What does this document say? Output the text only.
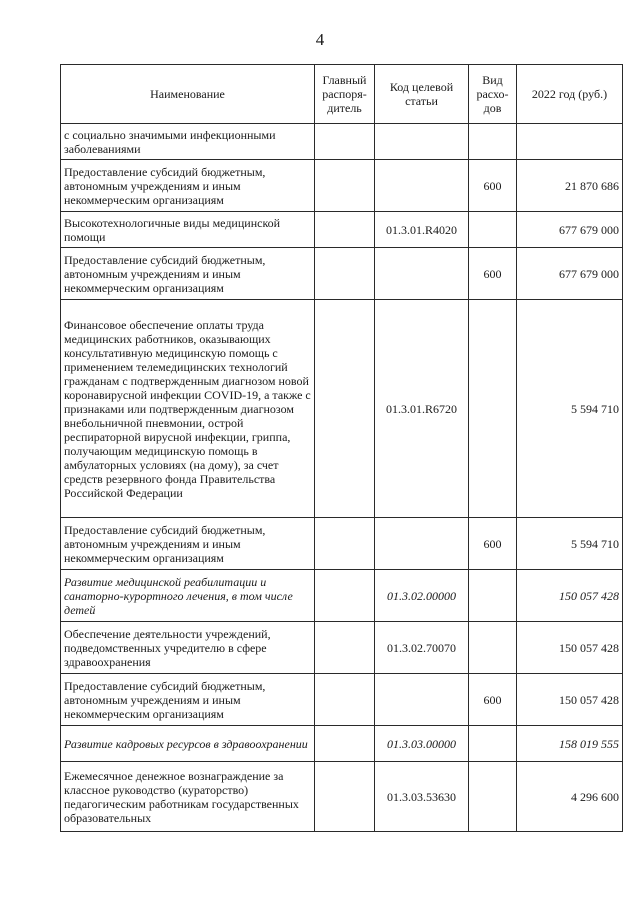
4
Наименование	Главный распоря-дитель	Код целевой статьи	Вид расхо-дов	2022 год (руб.)
с социально значимыми инфекционными заболеваниями				
Предоставление субсидий бюджетным, автономным учреждениям и иным некоммерческим организациям			600	21 870 686
Высокотехнологичные виды медицинской помощи		01.3.01.R4020		677 679 000
Предоставление субсидий бюджетным, автономным учреждениям и иным некоммерческим организациям			600	677 679 000
Финансовое обеспечение оплаты труда медицинских работников, оказывающих консультативную медицинскую помощь с применением телемедицинских технологий гражданам с подтвержденным диагнозом новой коронавирусной инфекции COVID-19, а также с признаками или подтвержденным диагнозом внебольничной пневмонии, острой респираторной вирусной инфекции, гриппа, получающим медицинскую помощь в амбулаторных условиях (на дому), за счет средств резервного фонда Правительства Российской Федерации		01.3.01.R6720		5 594 710
Предоставление субсидий бюджетным, автономным учреждениям и иным некоммерческим организациям			600	5 594 710
Развитие медицинской реабилитации и санаторно-курортного лечения, в том числе детей		01.3.02.00000		150 057 428
Обеспечение деятельности учреждений, подведомственных учредителю в сфере здравоохранения		01.3.02.70070		150 057 428
Предоставление субсидий бюджетным, автономным учреждениям и иным некоммерческим организациям			600	150 057 428
Развитие кадровых ресурсов в здравоохранении		01.3.03.00000		158 019 555
Ежемесячное денежное вознаграждение за классное руководство (кураторство) педагогическим работникам государственных образовательных		01.3.03.53630		4 296 600
